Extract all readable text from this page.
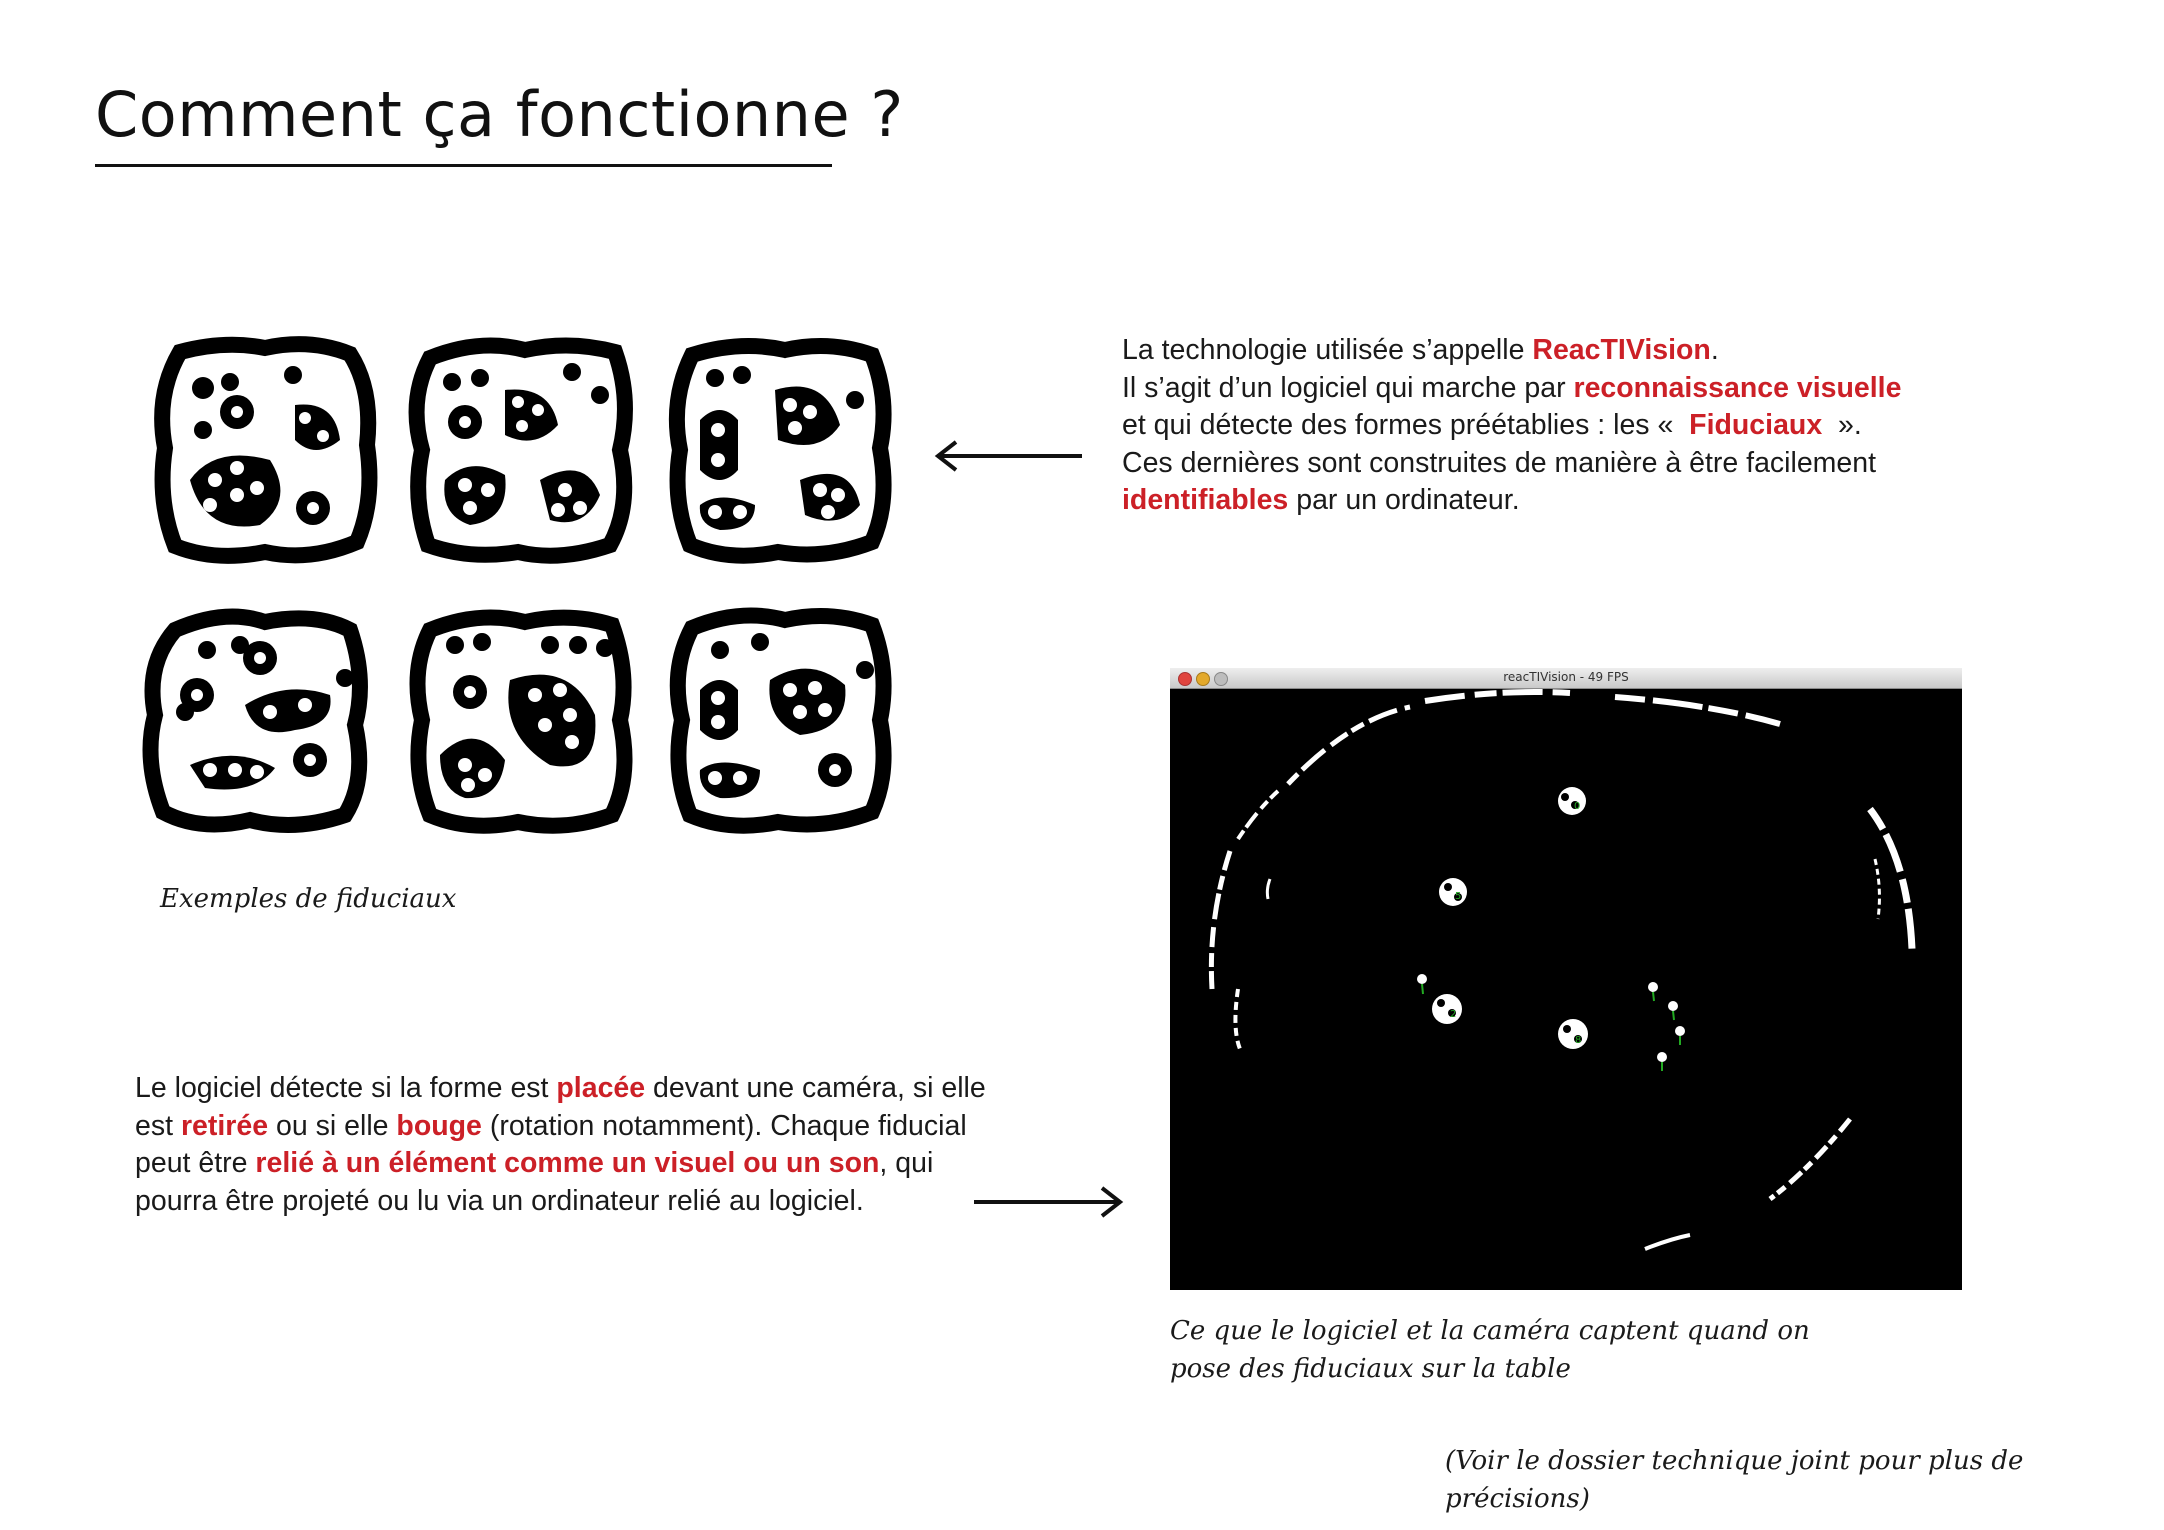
Comment ça fonctionne ?
Exemples de fiduciaux
La technologie utilisée s’appelle ReacTIVision.
Il s’agit d’un logiciel qui marche par reconnaissance visuelle
et qui détecte des formes préétablies : les «  Fiduciaux  ».
Ces dernières sont construites de manière à être facilement
identifiables par un ordinateur.
Le logiciel détecte si la forme est placée devant une caméra, si elle
est retirée ou si elle bouge (rotation notamment). Chaque fiducial
peut être relié à un élément comme un visuel ou un son, qui
pourra être projeté ou lu via un ordinateur relié au logiciel.
reacTIVision - 49 FPS
0
5
2
8
Ce que le logiciel et la caméra captent quand on
pose des fiduciaux sur la table
(Voir le dossier technique joint pour plus de précisions)
